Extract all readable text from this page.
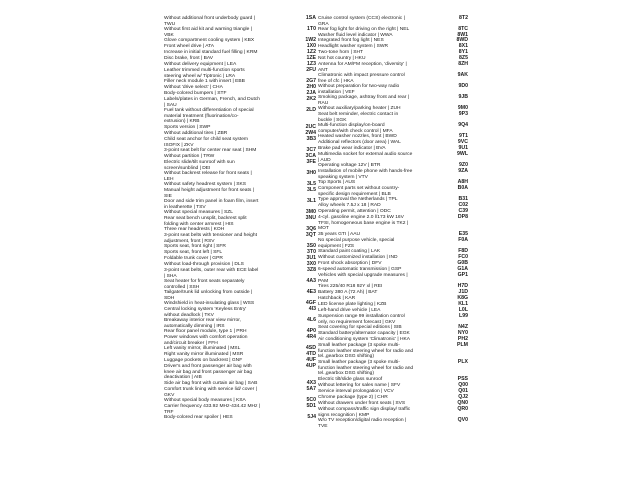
Without additional front underbody guard |
TWU
Without first aid kit and warning triangle |
VBK
Glove compartment cooling system | KBX
Front wheel drive | ATA
Increase in initial standard fuel filling | KRM
Disc brake, front | BAV
Without delivery equipment | LEA
Leather trimmed multi-function sports
steering wheel w/ Tiptronic | LRA
Filler neck module 1 with insert | EBB
Without 'drive select' | CHA
Body-colored bumpers | STF
Labels/plates in German, French, and Dutch
| SAU
Fuel tank without differentiation of special
material treatment (fluorination/co-
extrusion) | KRB
Sports version | SWP
Without additional tires | ZBR
Child seat anchor for child seat system
ISOFIX | ZKV
3-point seat belt for center rear seat | SHM
Without partition | TRW
Electric slide/tilt sunroof with sun
screen/sunblind | DEI
Without backrest release for front seats |
LEH
Without safety headrest system | SKS
Manual height adjustment for front seats |
SIE
Door and side trim panel in foam film, insert
in leatherette | TSV
Without special measures | SZL
Rear seat bench unsplit, backrest split
folding with center armrest | HIS
Three rear headrests | KOH
3-point seat belts with tensioner and height
adjustment, front | RSV
Sports seat, front right | SFR
Sports seat, front left | SFL
Foldable trunk cover | GPR
Without load-through provision | DLS
3-point seat belts, outer rear with ECE label
| SHA
Seat heater for front seats separately
controlled | SSH
Tailgate/trunk lid unlocking from outside |
SDH
Windshield in heat-insulating glass | WSS
Central locking system 'Keyless Entry'
without deadlock | TKV
Breakaway interior rear view mirror,
automatically dimming | IRS
Rear floor panel module, type 1 | PRH
Power windows with comfort operation
and/circuit breaker | FFH
Left vanity mirror, illuminated | MSL
Right vanity mirror illuminated | MSR
Luggage pockets on backrest | GNF
Driver's and front passenger air bag with
knee air bag and front passenger air bag
deactivation | AIB
Side air bag front with curtain air bag | SAB
Comfort trunk lining with service lid/ cover |
GKV
Without special body measures | KSA
Carrier frequency 433.92 MHz-434.42 MHz |
TRF
Body-colored rear spoiler | HES
1SA
1T0
1W2
1X0
1Z2
1ZE
1Z3
2FU
2G7
2H0
2JA
2K2
2LD
2UC
2W4
3B3
3C7
3CA
3FE
3H0
3L5
3L5
3L1
3M0
3NU
3Q6
3QT
3S0
3T0
3U1
3X0
3Z8
4A3
4E3
4GF
4I3
4L6
4P0
4R4
4SD
4TD
4UF
4UP
4X3
5A7
5C0
5D1
5J4
Cruise control system (CCS) electronic |
GRA
Rear fog light for driving on the right | NEL
Washer fluid level indicator | WWA
Integrated front fog light | NES
Headlight washer system | SWR
Two-tone horn | SHT
Not hot country | HKU
Antenna for AM/FM reception, 'diversity' |
ANT
Climatronic with impact pressure control
free of cfc | HKA
Without preparation for two-way radio
installation | VEF
Smoking package, ashtray front and rear |
RAU
Without auxiliary/parking heater | ZUH
Seat belt reminder, electric contact in
buckle | SGK
Multi-function display/on-board
computer/with check control | MFA
Heated washer nozzles, front | BWD
Additional reflectors (door area) | WAL
Brake pad wear indicator | BVA
Multimedia socket for external audio source
| AUD
Operating voltage 12V | BTR
Installation of mobile phone with hands-free
speaking system | VTV
Top Sports | AUS
Component parts set without country-
specific design requirement | BLB
Type approval the Netherlands | TPL
Alloy wheels 7.5J x 18 | RAD
Operating permit, attention | ODC
4-cyl. gasoline engine 2.0 l/173 kW 16V
TFSI, homogeneous base engine is TK2 |
MOT
35 years GTI | AAU
No special purpose vehicle, special
equipment | FZS
Standard paint coating | LAK
Without customized installation | IND
Front shock absorption | DFV
6-speed automatic transmission | GSP
Vehicles with special upgrade measures |
PAM
Tires 225/40 R18 92Y xl | REI
Battery 380 A (72 Ah) | BAT
Hatchback | KAR
LED license plate lighting | KZB
Left-hand drive vehicle | LEA
Suspension range 99 installation control
only, no requirement forecast | GKV
Seat covering for special editions | SIB
Standard battery/alternator capacity | EGK
Air conditioning system 'Climatronic' | HKA
Small leather package (3 spoke multi-
function leather steering wheel for radio and
tel.,gearbox DSG shifting)
Small leather package (3 spoke multi-
function leather steering wheel for radio and
tel.,gearbox DSG shifting)
Electric tilt/slide glass sunroof
Without lettering for sales name | SFV
Service interval prolongation | VCV
Chrome package (type 2) | CHR
Without drawers under front seats | SVS
Without compass/traffic sign display/ traffic
signs recognition | KMP
W/o TV reception/digital radio reception |
TVE
8T2
8TC
8W1
8WD
8X1
8Y1
8Z5
8ZH
9AK
9D0
9JB
9M0
9P3
9Q4
9T1
9VC
9U1
9WL
9Z0
9ZA
A8H
B0A
B31
C02
C39
DP8
E35
F0A
F8D
FC0
G0B
G1A
GP1
H7D
J1D
K8G
KL1
L0L
L99
N4Z
NY0
PH2
PLM
PLX
PSS
Q00
Q01
QJ2
QN0
QR0
QV0
